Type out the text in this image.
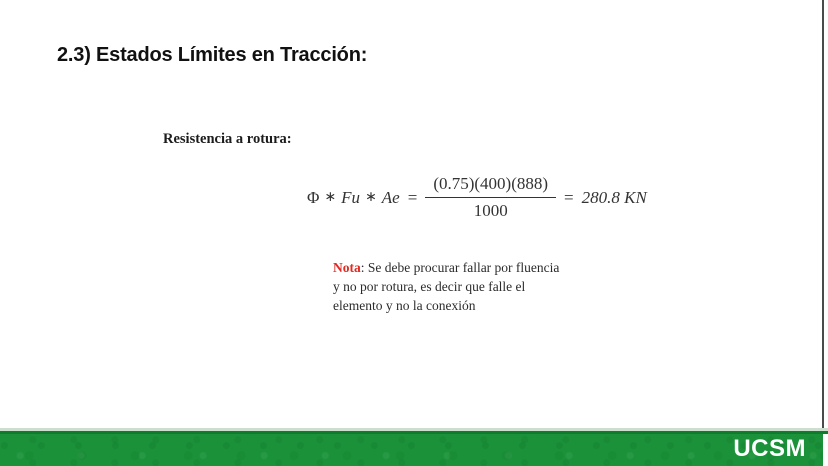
2.3) Estados Límites en Tracción:
Resistencia a rotura:
Φ ∗ Fu ∗ $Ae = \frac{(0.75)(400)(888)}{1000} = 280.8$ KN
Nota: Se debe procurar fallar por fluencia
y no por rotura, es decir que falle el
elemento y no la conexión
UCSM
